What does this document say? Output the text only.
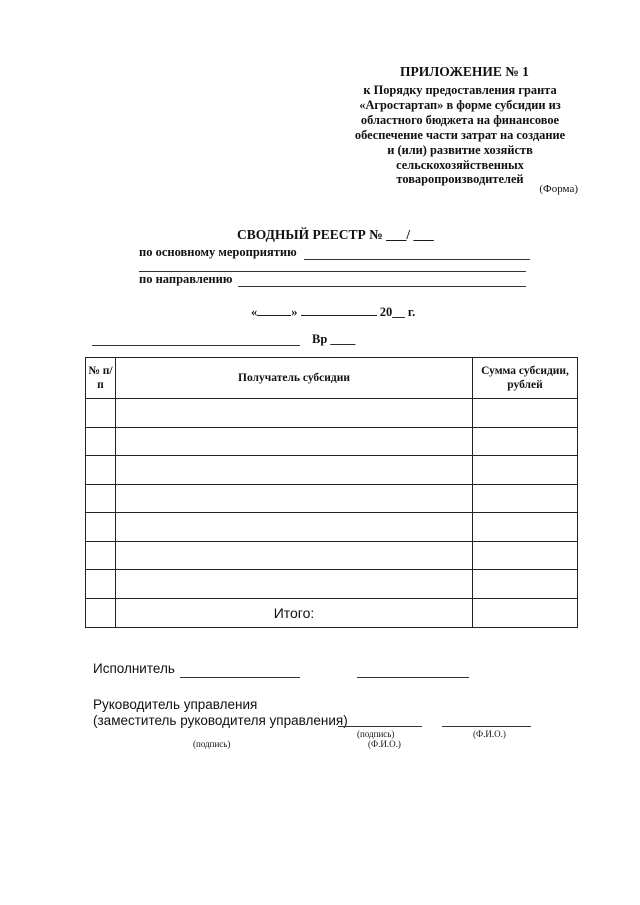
ПРИЛОЖЕНИЕ № 1
к Порядку предоставления гранта
«Агростартап» в форме субсидии из
областного бюджета на финансовое
обеспечение части затрат на создание
и (или) развитие хозяйств
сельскохозяйственных
товаропроизводителей
(Форма)
СВОДНЫЙ РЕЕСТР № ___/ ___
по основному мероприятию
по направлению
«	»	20__ г.
Вр ____
№ п/п	Получатель субсидии	Сумма субсидии, рублей

	Итого:	
Исполнитель
Руководитель управления
(заместитель руководителя управления)
(подпись)	(Ф.И.О.)
(подпись)	(Ф.И.О.)
